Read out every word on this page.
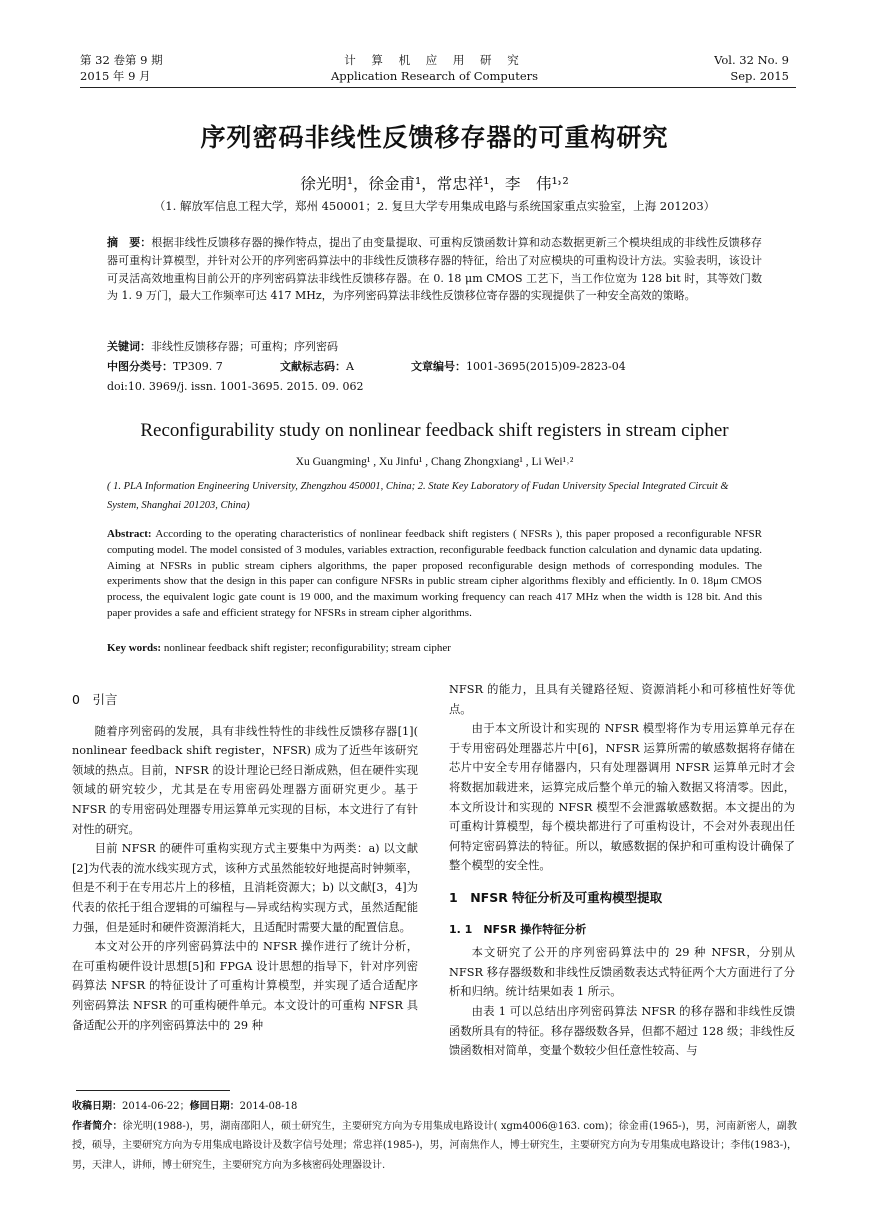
第 32 卷第 9 期
2015 年 9 月
计 算 机 应 用 研 究
Application Research of Computers
Vol. 32 No. 9
Sep. 2015
序列密码非线性反馈移存器的可重构研究
徐光明¹，徐金甫¹，常忠祥¹，李　伟¹˒²
（1. 解放军信息工程大学，郑州 450001；2. 复旦大学专用集成电路与系统国家重点实验室，上海 201203）
摘　要：根据非线性反馈移存器的操作特点，提出了由变量提取、可重构反馈函数计算和动态数据更新三个模块组成的非线性反馈移存器可重构计算模型，并针对公开的序列密码算法中的非线性反馈移存器的特征，给出了对应模块的可重构设计方法。实验表明，该设计可灵活高效地重构目前公开的序列密码算法非线性反馈移存器。在 0. 18 μm CMOS 工艺下，当工作位宽为 128 bit 时，其等效门数为 1. 9 万门，最大工作频率可达 417 MHz，为序列密码算法非线性反馈移位寄存器的实现提供了一种安全高效的策略。
关键词：非线性反馈移存器；可重构；序列密码
中图分类号：TP309. 7	文献标志码：A	文章编号：1001-3695(2015)09-2823-04
doi:10. 3969/j. issn. 1001-3695. 2015. 09. 062
Reconfigurability study on nonlinear feedback shift registers in stream cipher
Xu Guangming¹ , Xu Jinfu¹ , Chang Zhongxiang¹ , Li Wei¹˒²
( 1. PLA Information Engineering University, Zhengzhou 450001, China; 2. State Key Laboratory of Fudan University Special Integrated Circuit & System, Shanghai 201203, China)
Abstract: According to the operating characteristics of nonlinear feedback shift registers ( NFSRs ), this paper proposed a reconfigurable NFSR computing model. The model consisted of 3 modules, variables extraction, reconfigurable feedback function calculation and dynamic data updating. Aiming at NFSRs in public stream ciphers algorithms, the paper proposed reconfigurable design methods of corresponding modules. The experiments show that the design in this paper can configure NFSRs in public stream cipher algorithms flexibly and efficiently. In 0. 18μm CMOS process, the equivalent logic gate count is 19 000, and the maximum working frequency can reach 417 MHz when the width is 128 bit. And this paper provides a safe and efficient strategy for NFSRs in stream cipher algorithms.
Key words: nonlinear feedback shift register; reconfigurability; stream cipher

0　引言

随着序列密码的发展，具有非线性特性的非线性反馈移存器[1]( nonlinear feedback shift register，NFSR) 成为了近些年该研究领域的热点。目前，NFSR 的设计理论已经日渐成熟，但在硬件实现领域的研究较少，尤其是在专用密码处理器方面研究更少。基于 NFSR 的专用密码处理器专用运算单元实现的目标，本文进行了有针对性的研究。

目前 NFSR 的硬件可重构实现方式主要集中为两类：a) 以文献[2]为代表的流水线实现方式，该种方式虽然能较好地提高时钟频率，但是不利于在专用芯片上的移植，且消耗资源大；b) 以文献[3，4]为代表的依托于组合逻辑的可编程与—异或结构实现方式，虽然适配能力强，但是延时和硬件资源消耗大，且适配时需要大量的配置信息。

本文对公开的序列密码算法中的 NFSR 操作进行了统计分析，在可重构硬件设计思想[5]和 FPGA 设计思想的指导下，针对序列密码算法 NFSR 的特征设计了可重构计算模型，并实现了适合适配序列密码算法 NFSR 的可重构硬件单元。本文设计的可重构 NFSR 具备适配公开的序列密码算法中的 29 种

NFSR 的能力，且具有关键路径短、资源消耗小和可移植性好等优点。

由于本文所设计和实现的 NFSR 模型将作为专用运算单元存在于专用密码处理器芯片中[6]，NFSR 运算所需的敏感数据将存储在芯片中安全专用存储器内，只有处理器调用 NFSR 运算单元时才会将数据加载进来，运算完成后整个单元的输入数据又将清零。因此，本文所设计和实现的 NFSR 模型不会泄露敏感数据。本文提出的为可重构计算模型，每个模块都进行了可重构设计，不会对外表现出任何特定密码算法的特征。所以，敏感数据的保护和可重构设计确保了整个模型的安全性。

1　NFSR 特征分析及可重构模型提取

1. 1　NFSR 操作特征分析

本文研究了公开的序列密码算法中的 29 种 NFSR，分别从 NFSR 移存器级数和非线性反馈函数表达式特征两个大方面进行了分析和归纳。统计结果如表 1 所示。

由表 1 可以总结出序列密码算法 NFSR 的移存器和非线性反馈函数所具有的特征。移存器级数各异，但都不超过 128 级；非线性反馈函数相对简单，变量个数较少但任意性较高、与

收稿日期：2014-06-22；修回日期：2014-08-18
作者简介：徐光明(1988-)，男，湖南邵阳人，硕士研究生，主要研究方向为专用集成电路设计( xgm4006@163. com)；徐金甫(1965-)，男，河南新密人，副教授，硕导，主要研究方向为专用集成电路设计及数字信号处理；常忠祥(1985-)，男，河南焦作人，博士研究生，主要研究方向为专用集成电路设计；李伟(1983-)，男，天津人，讲师，博士研究生，主要研究方向为多核密码处理器设计.
